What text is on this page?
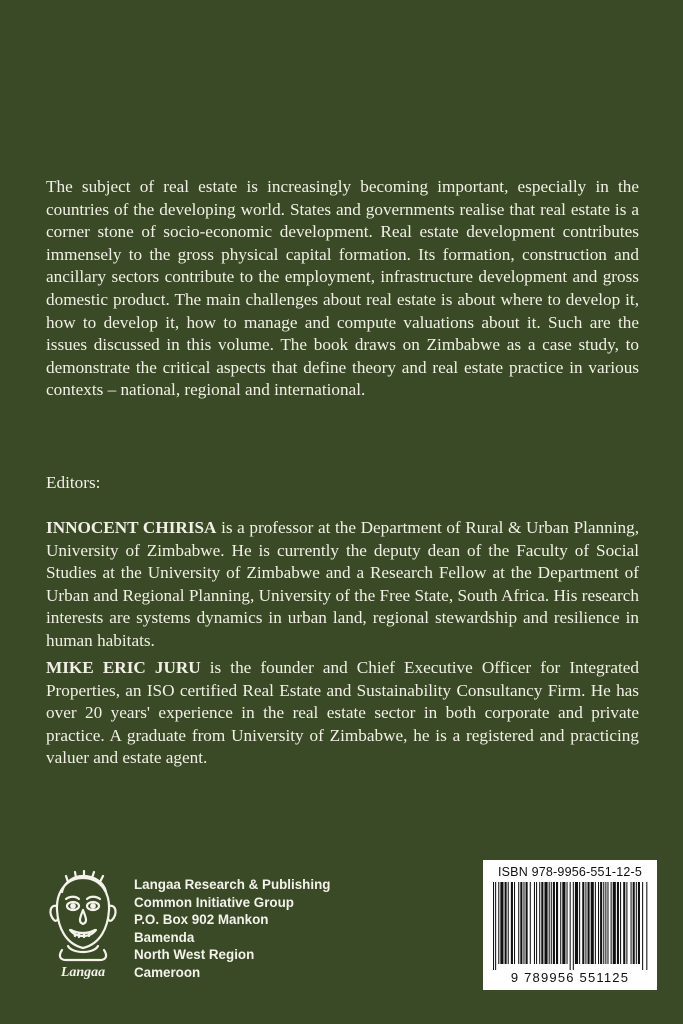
The subject of real estate is increasingly becoming important, especially in the countries of the developing world. States and governments realise that real estate is a corner stone of socio-economic development. Real estate development contributes immensely to the gross physical capital formation. Its formation, construction and ancillary sectors contribute to the employment, infrastructure development and gross domestic product. The main challenges about real estate is about where to develop it, how to develop it, how to manage and compute valuations about it. Such are the issues discussed in this volume. The book draws on Zimbabwe as a case study, to demonstrate the critical aspects that define theory and real estate practice in various contexts – national, regional and international.

Editors:

INNOCENT CHIRISA is a professor at the Department of Rural & Urban Planning, University of Zimbabwe. He is currently the deputy dean of the Faculty of Social Studies at the University of Zimbabwe and a Research Fellow at the Department of Urban and Regional Planning, University of the Free State, South Africa. His research interests are systems dynamics in urban land, regional stewardship and resilience in human habitats.

MIKE ERIC JURU is the founder and Chief Executive Officer for Integrated Properties, an ISO certified Real Estate and Sustainability Consultancy Firm. He has over 20 years' experience in the real estate sector in both corporate and private practice. A graduate from University of Zimbabwe, he is a registered and practicing valuer and estate agent.

Langaa
Langaa Research & Publishing
Common Initiative Group
P.O. Box 902 Mankon
Bamenda
North West Region
Cameroon
ISBN 978-9956-551-12-5
9 789956 551125
